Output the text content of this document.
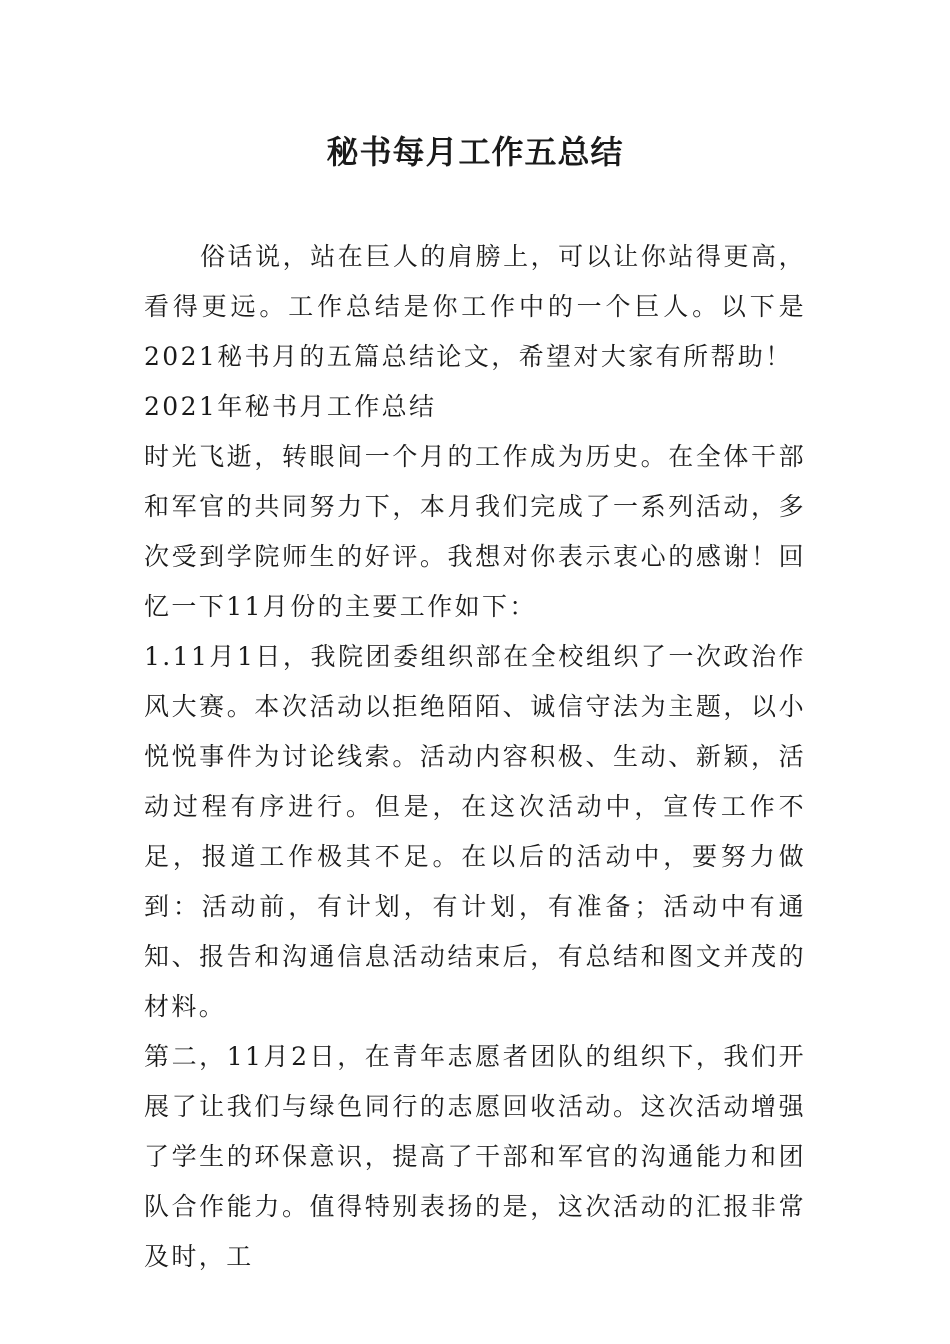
秘书每月工作五总结

俗话说，站在巨人的肩膀上，可以让你站得更高，看得更远。工作总结是你工作中的一个巨人。以下是2021秘书月的五篇总结论文，希望对大家有所帮助！

2021年秘书月工作总结

时光飞逝，转眼间一个月的工作成为历史。在全体干部和军官的共同努力下，本月我们完成了一系列活动，多次受到学院师生的好评。我想对你表示衷心的感谢！回忆一下11月份的主要工作如下：

1.11月1日，我院团委组织部在全校组织了一次政治作风大赛。本次活动以拒绝陌陌、诚信守法为主题，以小悦悦事件为讨论线索。活动内容积极、生动、新颖，活动过程有序进行。但是，在这次活动中，宣传工作不足，报道工作极其不足。在以后的活动中，要努力做到：活动前，有计划，有计划，有准备；活动中有通知、报告和沟通信息活动结束后，有总结和图文并茂的材料。

第二，11月2日，在青年志愿者团队的组织下，我们开展了让我们与绿色同行的志愿回收活动。这次活动增强了学生的环保意识，提高了干部和军官的沟通能力和团队合作能力。值得特别表扬的是，这次活动的汇报非常及时，工
